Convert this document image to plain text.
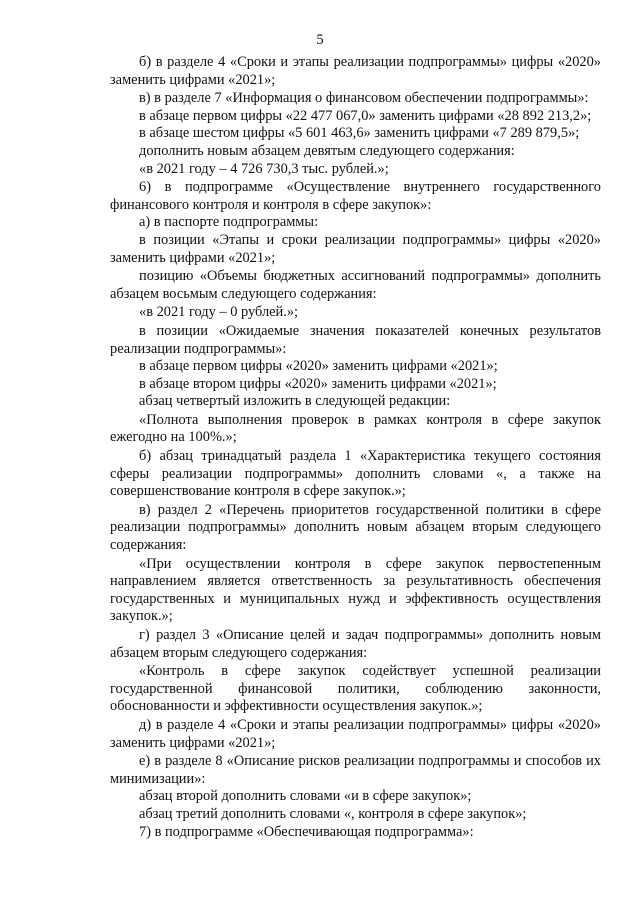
5

б) в разделе 4 «Сроки и этапы реализации подпрограммы» цифры «2020» заменить цифрами «2021»;

в) в разделе 7 «Информация о финансовом обеспечении подпрограммы»:

в абзаце первом цифры «22 477 067,0» заменить цифрами «28 892 213,2»;

в абзаце шестом цифры «5 601 463,6» заменить цифрами «7 289 879,5»;

дополнить новым абзацем девятым следующего содержания:

«в 2021 году – 4 726 730,3 тыс. рублей.»;

6) в подпрограмме «Осуществление внутреннего государственного финансового контроля и контроля в сфере закупок»:

а) в паспорте подпрограммы:

в позиции «Этапы и сроки реализации подпрограммы» цифры «2020» заменить цифрами «2021»;

позицию «Объемы бюджетных ассигнований подпрограммы» дополнить абзацем восьмым следующего содержания:

«в 2021 году – 0 рублей.»;

в позиции «Ожидаемые значения показателей конечных результатов реализации подпрограммы»:

в абзаце первом цифры «2020» заменить цифрами «2021»;

в абзаце втором цифры «2020» заменить цифрами «2021»;

абзац четвертый изложить в следующей редакции:

«Полнота выполнения проверок в рамках контроля в сфере закупок ежегодно на 100%.»;

б) абзац тринадцатый раздела 1 «Характеристика текущего состояния сферы реализации подпрограммы» дополнить словами «, а также на совершенствование контроля в сфере закупок.»;

в) раздел 2 «Перечень приоритетов государственной политики в сфере реализации подпрограммы» дополнить новым абзацем вторым следующего содержания:

«При осуществлении контроля в сфере закупок первостепенным направлением является ответственность за результативность обеспечения государственных и муниципальных нужд и эффективность осуществления закупок.»;

г) раздел 3 «Описание целей и задач подпрограммы» дополнить новым абзацем вторым следующего содержания:

«Контроль в сфере закупок содействует успешной реализации государственной финансовой политики, соблюдению законности, обоснованности и эффективности осуществления закупок.»;

д) в разделе 4 «Сроки и этапы реализации подпрограммы» цифры «2020» заменить цифрами «2021»;

е) в разделе 8 «Описание рисков реализации подпрограммы и способов их минимизации»:

абзац второй дополнить словами «и в сфере закупок»;

абзац третий дополнить словами «, контроля в сфере закупок»;

7) в подпрограмме «Обеспечивающая подпрограмма»:
